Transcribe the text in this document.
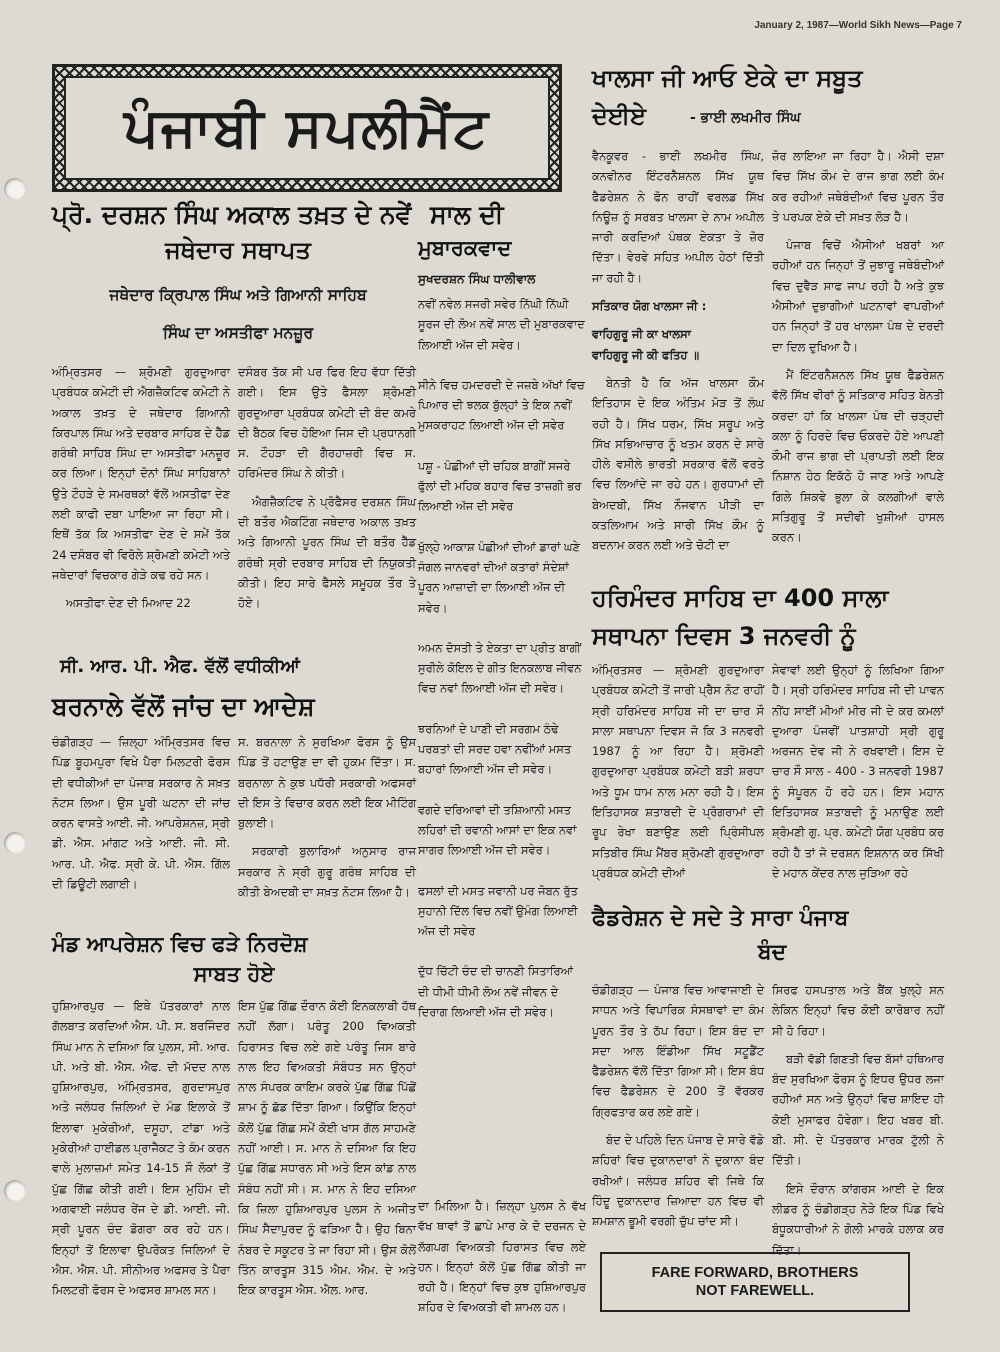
January 2, 1987—World Sikh News—Page 7
ਪੰਜਾਬੀ ਸਪਲੀਮੈਂਟ
ਪ੍ਰੋ. ਦਰਸ਼ਨ ਸਿੰਘ ਅਕਾਲ ਤਖ਼ਤ ਦੇ ਨਵੇਂ
ਜਥੇਦਾਰ ਸਥਾਪਤ
ਜਥੇਦਾਰ ਕ੍ਰਿਪਾਲ ਸਿੰਘ ਅਤੇ ਗਿਆਨੀ ਸਾਹਿਬ
ਸਿੰਘ ਦਾ ਅਸਤੀਫਾ ਮਨਜ਼ੂਰ

ਅੰਮ੍ਰਿਤਸਰ — ਸ਼੍ਰੋਮਣੀ ਗੁਰਦੁਆਰਾ ਪ੍ਰਬੰਧਕ ਕਮੇਟੀ ਦੀ ਐਗਜ਼ੈਕਟਿਵ ਕਮੇਟੀ ਨੇ ਅਕਾਲ ਤਖ਼ਤ ਦੇ ਜਥੇਦਾਰ ਗਿਆਨੀ ਕਿਰਪਾਲ ਸਿੰਘ ਅਤੇ ਦਰਬਾਰ ਸਾਹਿਬ ਦੇ ਹੈੱਡ ਗਰੰਥੀ ਸਾਹਿਬ ਸਿੰਘ ਦਾ ਅਸਤੀਫਾ ਮਨਜ਼ੂਰ ਕਰ ਲਿਆ। ਇਨ੍ਹਾਂ ਦੋਨਾਂ ਸਿੰਘ ਸਾਹਿਬਾਨਾਂ ਉਤੇ ਟੌਹੜੇ ਦੇ ਸਮਰਥਕਾਂ ਵੱਲੋਂ ਅਸਤੀਫਾ ਦੇਣ ਲਈ ਕਾਫੀ ਦਬਾ ਪਾਇਆ ਜਾ ਰਿਹਾ ਸੀ। ਇਥੋਂ ਤੱਕ ਕਿ ਅਸਤੀਫਾ ਦੇਣ ਦੇ ਸਮੇਂ ਤੱਕ 24 ਦਸੰਬਰ ਵੀ ਵਿਰੋਲੇ ਸ਼੍ਰੋਮਣੀ ਕਮੇਟੀ ਅਤੇ ਜਥੇਦਾਰਾਂ ਵਿਚਕਾਰ ਗੇੜੇ ਕਢ ਰਹੇ ਸਨ।

ਅਸਤੀਫਾ ਦੇਣ ਦੀ ਮਿਆਦ 22

ਦਸੰਬਰ ਤੱਕ ਸੀ ਪਰ ਫਿਰ ਇਹ ਵੱਧਾ ਦਿੱਤੀ ਗਈ। ਇਸ ਉਤੇ ਫੈਸਲਾ ਸ਼੍ਰੋਮਣੀ ਗੁਰਦੁਆਰਾ ਪ੍ਰਬੰਧਕ ਕਮੇਟੀ ਦੀ ਬੰਦ ਕਮਰੇ ਦੀ ਬੈਠਕ ਵਿਚ ਹੋਇਆ ਜਿਸ ਦੀ ਪ੍ਰਧਾਨਗੀ ਸ. ਟੌਹੜਾ ਦੀ ਗੈਰਹਾਜ਼ਰੀ ਵਿਚ ਸ. ਹਰਿਮੰਦਰ ਸਿੰਘ ਨੇ ਕੀਤੀ।

ਐਗਜ਼ੈਕਟਿਵ ਨੇ ਪ੍ਰੋਫੈਸਰ ਦਰਸ਼ਨ ਸਿੰਘ ਦੀ ਬਤੌਰ ਐਕਟਿੰਗ ਜਥੇਦਾਰ ਅਕਾਲ ਤਖ਼ਤ ਅਤੇ ਗਿਆਨੀ ਪੂਰਨ ਸਿੰਘ ਦੀ ਬਤੌਰ ਹੈੱਡ ਗਰੰਥੀ ਸ੍ਰੀ ਦਰਬਾਰ ਸਾਹਿਬ ਦੀ ਨਿਯੁਕਤੀ ਕੀਤੀ। ਇਹ ਸਾਰੇ ਫੈਸਲੇ ਸਮੂਹਕ ਤੌਰ ਤੇ ਹੋਏ।

ਸਾਲ ਦੀ
ਮੁਬਾਰਕਵਾਦ
ਸੁਖਦਰਸ਼ਨ ਸਿੰਘ ਧਾਲੀਵਾਲ

ਨਵੀਂ ਨਵੇਲ ਸਜਰੀ ਸਵੇਰ ਨਿੱਘੀ ਨਿੱਘੀ ਸੂਰਜ ਦੀ ਲੋਅ ਨਵੇਂ ਸਾਲ ਦੀ ਮੁਬਾਰਕਵਾਦ ਲਿਆਈ ਅੱਜ ਦੀ ਸਵੇਰ।

ਸੀਨੇ ਵਿਚ ਹਮਦਰਦੀ ਦੇ ਜਜ਼ਬੇ ਅੱਖਾਂ ਵਿਚ ਪਿਆਰ ਦੀ ਝਲਕ ਬੁੱਲ੍ਹਾਂ ਤੇ ਇਕ ਨਵੀਂ ਮੁਸਕਰਾਹਟ ਲਿਆਈ ਅੱਜ ਦੀ ਸਵੇਰ

ਪਸ਼ੂ - ਪੰਛੀਆਂ ਦੀ ਚਹਿਕ ਬਾਗੀਂ ਸਜਰੇ ਫੁੱਲਾਂ ਦੀ ਮਹਿਕ ਬਹਾਰ ਵਿਚ ਤਾਜ਼ਗੀ ਭਰ ਲਿਆਈ ਅੱਜ ਦੀ ਸਵੇਰ

ਖੁੱਲ੍ਹੇ ਆਕਾਸ਼ ਪੰਛੀਆਂ ਦੀਆਂ ਡਾਰਾਂ ਘਣੇ ਜੰਗਲ ਜਾਨਵਰਾਂ ਦੀਆਂ ਕਤਾਰਾਂ ਸੰਦੇਸ਼ਾਂ ਪੂਰਨ ਆਜ਼ਾਦੀ ਦਾ ਲਿਆਈ ਅੱਜ ਦੀ ਸਵੇਰ।

ਅਮਨ ਦੋਸਤੀ ਤੇ ਏਕਤਾ ਦਾ ਪ੍ਰੀਤ ਬਾਗੀਂ ਸੁਰੀਲੇ ਕੋਇਲ ਦੇ ਗੀਤ ਇਨਕਲਾਬ ਜੀਵਨ ਵਿਚ ਨਵਾਂ ਲਿਆਈ ਅੱਜ ਦੀ ਸਵੇਰ।

ਝਰਨਿਆਂ ਦੇ ਪਾਣੀ ਦੀ ਸਰਗਮ ਠੰਢੇ ਪਰਬਤਾਂ ਦੀ ਸਰਦ ਹਵਾ ਨਵੀਂਆਂ ਮਸਤ ਬਹਾਰਾਂ ਲਿਆਈ ਅੱਜ ਦੀ ਸਵੇਰ।

ਵਗਦੇ ਦਰਿਆਵਾਂ ਦੀ ਤਸ਼ਿਆਨੀ ਮਸਤ ਲਹਿਰਾਂ ਦੀ ਰਵਾਨੀ ਆਸਾਂ ਦਾ ਇਕ ਨਵਾਂ ਸਾਗਰ ਲਿਆਈ ਅੱਜ ਦੀ ਸਵੇਰ।

ਫਸਲਾਂ ਦੀ ਮਸਤ ਜਵਾਨੀ ਪਰ ਜੋਬਨ ਰੁੱਤ ਸੁਹਾਨੀ ਦਿੱਲ ਵਿਚ ਨਵੀਂ ਉਮੰਗ ਲਿਆਈ ਅੱਜ ਦੀ ਸਵੇਰ

ਦੁੱਧ ਚਿੱਟੀ ਚੰਦ ਦੀ ਚਾਨਣੀ ਸਿਤਾਰਿਆਂ ਦੀ ਧੀਮੀ ਧੀਮੀ ਲੋਅ ਨਵੇਂ ਜੀਵਨ ਦੇ ਦਿਰਾਗ ਲਿਆਈ ਅੱਜ ਦੀ ਸਵੇਰ।

ਸੀ. ਆਰ. ਪੀ. ਐਫ. ਵੱਲੋਂ ਵਧੀਕੀਆਂ
ਬਰਨਾਲੇ ਵੱਲੋਂ ਜਾਂਚ ਦਾ ਆਦੇਸ਼

ਚੰਡੀਗੜ੍ਹ — ਜ਼ਿਲ੍ਹਾ ਅੰਮ੍ਰਿਤਸਰ ਵਿਚ ਪਿੰਡ ਬੂਹਮਪੁਰਾ ਵਿਖੇ ਪੈਰਾ ਮਿਲਟਰੀ ਫੋਰਸ ਦੀ ਵਧੀਕੀਆਂ ਦਾ ਪੰਜਾਬ ਸਰਕਾਰ ਨੇ ਸਖ਼ਤ ਨੋਟਸ ਲਿਆ। ਉਸ ਪੂਰੀ ਘਟਨਾ ਦੀ ਜਾਂਚ ਕਰਨ ਵਾਸਤੇ ਆਈ. ਜੀ. ਆਪਰੇਸ਼ਨਜ਼, ਸ੍ਰੀ ਡੀ. ਐਸ. ਮਾਂਗਟ ਅਤੇ ਆਈ. ਜੀ. ਸੀ. ਆਰ. ਪੀ. ਐਫ. ਸ੍ਰੀ ਕੇ. ਪੀ. ਐਸ. ਗਿੱਲ ਦੀ ਡਿਊਟੀ ਲਗਾਈ।

ਸ. ਬਰਨਾਲਾ ਨੇ ਸੁਰਖਿਆ ਫੋਰਸ ਨੂੰ ਉਸ ਪਿੰਡ ਤੋਂ ਹਟਾਉਣ ਦਾ ਵੀ ਹੁਕਮ ਦਿੱਤਾ। ਸ. ਬਰਨਾਲਾ ਨੇ ਕੁਝ ਪਧੱਰੀ ਸਰਕਾਰੀ ਅਫਸਰਾਂ ਦੀ ਇਸ ਤੇ ਵਿਚਾਰ ਕਰਨ ਲਈ ਇਕ ਮੀਟਿੰਗ ਬੁਲਾਈ।

ਸਰਕਾਰੀ ਬੁਲਾਰਿਆਂ ਅਨੁਸਾਰ ਰਾਜ ਸਰਕਾਰ ਨੇ ਸ੍ਰੀ ਗੁਰੂ ਗਰੰਥ ਸਾਹਿਬ ਦੀ ਕੀਤੀ ਬੇਅਦਬੀ ਦਾ ਸਖ਼ਤ ਨੋਟਸ ਲਿਆ ਹੈ।

ਮੰਡ ਆਪਰੇਸ਼ਨ ਵਿਚ ਫੜੇ ਨਿਰਦੋਸ਼
ਸਾਬਤ ਹੋਏ

ਹੁਸ਼ਿਆਰਪੁਰ — ਇਥੇ ਪੱਤਰਕਾਰਾਂ ਨਾਲ ਗੱਲਬਾਤ ਕਰਦਿਆਂ ਐਸ. ਪੀ. ਸ. ਬਰਜਿੰਦਰ ਸਿੰਘ ਮਾਨ ਨੇ ਦਸਿਆ ਕਿ ਪੁਲਸ, ਸੀ. ਆਰ. ਪੀ. ਅਤੇ ਬੀ. ਐਸ. ਐਫ. ਦੀ ਮੱਦਦ ਨਾਲ ਹੁਸ਼ਿਆਰਪੁਰ, ਅੰਮ੍ਰਿਤਸਰ, ਗੁਰਦਾਸਪੁਰ ਅਤੇ ਜਲੰਧਰ ਜ਼ਿਲਿਆਂ ਦੇ ਮੰਡ ਇਲਾਕੇ ਤੋਂ ਇਲਾਵਾ ਮੁਕੇਰੀਆਂ, ਦਸੂਹਾ, ਟਾਂਡਾ ਅਤੇ ਮੁਕੇਰੀਆਂ ਹਾਈਡਲ ਪ੍ਰਾਜੈਕਟ ਤੇ ਕੰਮ ਕਰਨ ਵਾਲੇ ਮੁਲਾਜ਼ਮਾਂ ਸਮੇਤ 14-15 ਸੌ ਲੋਕਾਂ ਤੋਂ ਪੁੱਛ ਗਿੱਛ ਕੀਤੀ ਗਈ। ਇਸ ਮੁਹਿੰਮ ਦੀ ਅਗਵਾਈ ਜਲੰਧਰ ਰੇਂਜ ਦੇ ਡੀ. ਆਈ. ਜੀ. ਸ੍ਰੀ ਪੂਰਨ ਚੰਦ ਡੋਗਰਾ ਕਰ ਰਹੇ ਹਨ। ਇਨ੍ਹਾਂ ਤੋਂ ਇਲਾਵਾ ਉਪਰੋਕਤ ਜਿਲਿਆਂ ਦੇ ਐਸ. ਐਸ. ਪੀ. ਸੀਨੀਅਰ ਅਫਸਰ ਤੇ ਪੈਰਾ ਮਿਲਟਰੀ ਫੋਰਸ ਦੇ ਅਫਸਰ ਸ਼ਾਮਲ ਸਨ।

ਇਸ ਪੁੱਛ ਗਿੱਛ ਦੌਰਾਨ ਕੋਈ ਇਨਕਲਾਬੀ ਹੱਥ ਨਹੀਂ ਲੱਗਾ। ਪਰੰਤੂ 200 ਵਿਅਕਤੀ ਹਿਰਾਸਤ ਵਿਚ ਲਏ ਗਏ ਪਰੰਤੂ ਜਿਸ ਬਾਰੇ ਨਾਲ ਇਹ ਵਿਅਕਤੀ ਸੰਬੰਧਤ ਸਨ ਉਨ੍ਹਾਂ ਨਾਲ ਸੰਪਰਕ ਕਾਇਮ ਕਰਕੇ ਪੁੱਛ ਗਿੱਛ ਪਿੱਛੋਂ ਸ਼ਾਮ ਨੂੰ ਛੱਡ ਦਿੱਤਾ ਗਿਆ। ਕਿਉਂਕਿ ਇਨ੍ਹਾਂ ਕੋਲੋਂ ਪੁੱਛ ਗਿੱਛ ਸਮੇਂ ਕੋਈ ਖਾਸ ਗੱਲ ਸਾਹਮਣੇ ਨਹੀਂ ਆਈ। ਸ. ਮਾਨ ਨੇ ਦਸਿਆ ਕਿ ਇਹ ਪੁੱਛ ਗਿੱਛ ਸਧਾਰਨ ਸੀ ਅਤੇ ਇਸ ਕਾਂਡ ਨਾਲ ਸੰਬੰਧ ਨਹੀਂ ਸੀ। ਸ. ਮਾਨ ਨੇ ਇਹ ਦਸਿਆ ਕਿ ਜ਼ਿਲਾ ਹੁਸ਼ਿਆਰਪੁਰ ਪੁਲਸ ਨੇ ਅਜੀਤ ਸਿੰਘ ਸੈਦਾਪੁਰਦ ਨੂੰ ਫੜਿਆ ਹੈ। ਉਹ ਬਿਨਾ ਨੰਬਰ ਦੇ ਸਕੂਟਰ ਤੇ ਜਾ ਰਿਹਾ ਸੀ। ਉਸ ਕੋਲੋਂ ਤਿੰਨ ਕਾਰਤੂਸ 315 ਐਮ. ਐਮ. ਦੇ ਅਤੇ ਇਕ ਕਾਰਤੂਸ ਐਸ. ਐਲ. ਆਰ.

ਦਾ ਮਿਲਿਆ ਹੈ। ਜ਼ਿਲ੍ਹਾ ਪੁਲਸ ਨੇ ਵੱਖ ਵੱਖ ਥਾਵਾਂ ਤੋਂ ਛਾਪੇ ਮਾਰ ਕੇ ਦੋ ਦਰਜਨ ਦੇ ਲੱਗਪਗ ਵਿਅਕਤੀ ਹਿਰਾਸਤ ਵਿਚ ਲਏ ਹਨ। ਇਨ੍ਹਾਂ ਕੋਲੋਂ ਪੁੱਛ ਗਿੱਛ ਕੀਤੀ ਜਾ ਰਹੀ ਹੈ। ਇਨ੍ਹਾਂ ਵਿਚ ਕੁਝ ਹੁਸ਼ਿਆਰਪੁਰ ਸ਼ਹਿਰ ਦੇ ਵਿਅਕਤੀ ਵੀ ਸ਼ਾਮਲ ਹਨ।

ਖਾਲਸਾ ਜੀ ਆਓ ਏਕੇ ਦਾ ਸਬੂਤ
ਦੇਈਏ	- ਭਾਈ ਲਖਮੀਰ ਸਿੰਘ

ਵੈਨਕੂਵਰ - ਭਾਈ ਲਖਮੀਰ ਸਿੰਘ, ਕਨਵੀਨਰ ਇੰਟਰਨੈਸ਼ਨਲ ਸਿੱਖ ਯੂਥ ਫੈਡਰੇਸ਼ਨ ਨੇ ਫੋਨ ਰਾਹੀਂ ਵਰਲਡ ਸਿੱਖ ਨਿਊਜ਼ ਨੂੰ ਸਰਬਤ ਖਾਲਸਾ ਦੇ ਨਾਮ ਅਪੀਲ ਜਾਰੀ ਕਰਦਿਆਂ ਪੰਥਕ ਏਕਤਾ ਤੇ ਜ਼ੋਰ ਦਿੱਤਾ। ਵੇਰਵੇ ਸਹਿਤ ਅਪੀਲ ਹੇਠਾਂ ਦਿੱਤੀ ਜਾ ਰਹੀ ਹੈ।

ਸਤਿਕਾਰ ਯੋਗ ਖਾਲਸਾ ਜੀ :

ਵਾਹਿਗੁਰੂ ਜੀ ਕਾ ਖਾਲਸਾ

ਵਾਹਿਗੁਰੂ ਜੀ ਕੀ ਫਤਿਹ ॥

ਬੇਨਤੀ ਹੈ ਕਿ ਅੱਜ ਖਾਲਸਾ ਕੌਮ ਇਤਿਹਾਸ ਦੇ ਇਕ ਅੰਤਿਮ ਮੋੜ ਤੋਂ ਲੰਘ ਰਹੀ ਹੈ। ਸਿੱਖ ਧਰਮ, ਸਿੱਖ ਸਰੂਪ ਅਤੇ ਸਿੱਖ ਸਭਿਆਚਾਰ ਨੂੰ ਖਤਮ ਕਰਨ ਦੇ ਸਾਰੇ ਹੀਲੇ ਵਸੀਲੇ ਭਾਰਤੀ ਸਰਕਾਰ ਵੱਲੋਂ ਵਰਤੇ ਵਿਚ ਲਿਆਂਦੇ ਜਾ ਰਹੇ ਹਨ। ਗੁਰਧਾਮਾਂ ਦੀ ਬੇਅਦਬੀ, ਸਿੱਖ ਨੌਜਵਾਨ ਪੀੜੀ ਦਾ ਕਤਲਿਆਮ ਅਤੇ ਸਾਰੀ ਸਿੱਖ ਕੌਮ ਨੂੰ ਬਦਨਾਮ ਕਰਨ ਲਈ ਅਤੇ ਚੋਟੀ ਦਾ

ਜ਼ੋਰ ਲਾਇਆ ਜਾ ਰਿਹਾ ਹੈ। ਐਸੀ ਦਸ਼ਾ ਵਿਚ ਸਿੱਖ ਕੌਮ ਦੇ ਰਾਜ ਭਾਗ ਲਈ ਕੰਮ ਕਰ ਰਹੀਆਂ ਜਥੇਬੰਦੀਆਂ ਵਿਚ ਪੂਰਨ ਤੌਰ ਤੇ ਪਰਪਕ ਏਕੇ ਦੀ ਸਖ਼ਤ ਲੋੜ ਹੈ।

ਪੰਜਾਬ ਵਿਚੋਂ ਐਸੀਆਂ ਖਬਰਾਂ ਆ ਰਹੀਆਂ ਹਨ ਜਿਨ੍ਹਾਂ ਤੋਂ ਜੁਝਾਰੂ ਜਥੇਬੰਦੀਆਂ ਵਿਚ ਦੁਵੈੜ ਸਾਫ ਜਾਪ ਰਹੀ ਹੈ ਅਤੇ ਕੁਝ ਐਸੀਆਂ ਦੁਭਾਗੀਆਂ ਘਟਨਾਵਾਂ ਵਾਪਰੀਆਂ ਹਨ ਜਿਨ੍ਹਾਂ ਤੋਂ ਹਰ ਖਾਲਸਾ ਪੰਥ ਦੇ ਦਰਦੀ ਦਾ ਦਿਲ ਦੁਖਿਆ ਹੈ।

ਮੈਂ ਇੰਟਰਨੈਸ਼ਨਲ ਸਿੱਖ ਯੂਥ ਫੈਡਰੇਸ਼ਨ ਵੱਲੋਂ ਸਿੱਖ ਵੀਰਾਂ ਨੂੰ ਸਤਿਕਾਰ ਸਹਿਤ ਬੇਨਤੀ ਕਰਦਾ ਹਾਂ ਕਿ ਖਾਲਸਾ ਪੰਥ ਦੀ ਚੜ੍ਹਦੀ ਕਲਾ ਨੂੰ ਹਿਰਦੇ ਵਿਚ ਓਕਰਦੇ ਹੋਏ ਆਪਣੀ ਕੌਮੀ ਰਾਜ ਭਾਗ ਦੀ ਪ੍ਰਾਪਤੀ ਲਈ ਇਕ ਨਿਸ਼ਾਨ ਹੇਠ ਇਕੱਠੇ ਹੋ ਜਾਣ ਅਤੇ ਆਪਣੇ ਗਿਲੇ ਸ਼ਿਕਵੇ ਭੁਲਾ ਕੇ ਕਲਗੀਆਂ ਵਾਲੇ ਸਤਿਗੁਰੂ ਤੋਂ ਸਦੀਵੀ ਖੁਸ਼ੀਆਂ ਹਾਸਲ ਕਰਨ।

ਹਰਿਮੰਦਰ ਸਾਹਿਬ ਦਾ 400 ਸਾਲਾ
ਸਥਾਪਨਾ ਦਿਵਸ 3 ਜਨਵਰੀ ਨੂੰ

ਅੰਮ੍ਰਿਤਸਰ — ਸ਼੍ਰੋਮਣੀ ਗੁਰਦੁਆਰਾ ਪ੍ਰਬੰਧਕ ਕਮੇਟੀ ਤੋਂ ਜਾਰੀ ਪ੍ਰੈਸ ਨੋਟ ਰਾਹੀਂ ਸ੍ਰੀ ਹਰਿਮੰਦਰ ਸਾਹਿਬ ਜੀ ਦਾ ਚਾਰ ਸੌ ਸਾਲਾ ਸਥਾਪਨਾ ਦਿਵਸ ਜੋ ਕਿ 3 ਜਨਵਰੀ 1987 ਨੂੰ ਆ ਰਿਹਾ ਹੈ। ਸ਼੍ਰੋਮਣੀ ਗੁਰਦੁਆਰਾ ਪ੍ਰਬੰਧਕ ਕਮੇਟੀ ਬੜੀ ਸ਼ਰਧਾ ਅਤੇ ਧੂਮ ਧਾਮ ਨਾਲ ਮਨਾ ਰਹੀ ਹੈ। ਇਸ ਇਤਿਹਾਸਕ ਸ਼ਤਾਬਦੀ ਦੇ ਪ੍ਰੋਗਰਾਮਾਂ ਦੀ ਰੂਪ ਰੇਖਾ ਬਣਾਉਣ ਲਈ ਪ੍ਰਿੰਸੀਪਲ ਸਤਿਬੀਰ ਸਿੰਘ ਮੈਂਬਰ ਸ਼੍ਰੋਮਣੀ ਗੁਰਦੁਆਰਾ ਪ੍ਰਬੰਧਕ ਕਮੇਟੀ ਦੀਆਂ

ਸੇਵਾਵਾਂ ਲਈ ਉਨ੍ਹਾਂ ਨੂੰ ਲਿਖਿਆ ਗਿਆ ਹੈ। ਸ੍ਰੀ ਹਰਿਮੰਦਰ ਸਾਹਿਬ ਜੀ ਦੀ ਪਾਵਨ ਨੀਂਹ ਸਾਈਂ ਮੀਆਂ ਮੀਰ ਜੀ ਦੇ ਕਰ ਕਮਲਾਂ ਦੁਆਰਾ ਪੰਜਵੀਂ ਪਾਤਸ਼ਾਹੀ ਸ੍ਰੀ ਗੁਰੂ ਅਰਜਨ ਦੇਵ ਜੀ ਨੇ ਰਖਵਾਈ। ਇਸ ਦੇ ਚਾਰ ਸੌ ਸਾਲ - 400 - 3 ਜਨਵਰੀ 1987 ਨੂੰ ਸੰਪੂਰਨ ਹੋ ਰਹੇ ਹਨ। ਇਸ ਮਹਾਨ ਇਤਿਹਾਸਕ ਸ਼ਤਾਬਦੀ ਨੂੰ ਮਨਾਉਣ ਲਈ ਸ਼੍ਰੋਮਣੀ ਗੁ. ਪ੍ਰ. ਕਮੇਟੀ ਯੋਗ ਪ੍ਰਬੰਧ ਕਰ ਰਹੀ ਹੈ ਤਾਂ ਜੋ ਦਰਸ਼ਨ ਇਸ਼ਨਾਨ ਕਰ ਸਿੱਖੀ ਦੇ ਮਹਾਨ ਕੇਂਦਰ ਨਾਲ ਜੁੜਿਆ ਰਹੇ

ਫੈਡਰੇਸ਼ਨ ਦੇ ਸਦੇ ਤੇ ਸਾਰਾ ਪੰਜਾਬ
ਬੰਦ

ਚੰਡੀਗੜ੍ਹ — ਪੰਜਾਬ ਵਿਚ ਆਵਾਜਾਈ ਦੇ ਸਾਧਨ ਅਤੇ ਵਿਪਾਰਿਕ ਸੰਸਥਾਵਾਂ ਦਾ ਕੰਮ ਪੂਰਨ ਤੌਰ ਤੇ ਠੱਪ ਰਿਹਾ। ਇਸ ਬੰਦ ਦਾ ਸਦਾ ਆਲ ਇੰਡੀਆ ਸਿੱਖ ਸਟੂਡੈਂਟ ਫੈਡਰੇਸ਼ਨ ਵੱਲੋਂ ਦਿੱਤਾ ਗਿਆ ਸੀ। ਇਸ ਬੰਧ ਵਿਚ ਫੈਡਰੇਸ਼ਨ ਦੇ 200 ਤੋਂ ਵੱਰਕਰ ਗ੍ਰਿਫਤਾਰ ਕਰ ਲਏ ਗਏ।

ਬੰਦ ਦੇ ਪਹਿਲੇ ਦਿਨ ਪੰਜਾਬ ਦੇ ਸਾਰੇ ਵੱਡੇ ਸ਼ਹਿਰਾਂ ਵਿਚ ਦੁਕਾਨਦਾਰਾਂ ਨੇ ਦੁਕਾਨਾ ਬੰਦ ਰਖੀਆਂ। ਜਲੰਧਰ ਸ਼ਹਿਰ ਵੀ ਜਿਥੇ ਕਿ ਹਿੰਦੂ ਦੁਕਾਨਦਾਰ ਜ਼ਿਆਦਾ ਹਨ ਵਿਚ ਵੀ ਸ਼ਮਸ਼ਾਨ ਭੂਮੀ ਵਰਗੀ ਚੁੱਪ ਚਾਂਦ ਸੀ।

ਸਿਰਫ ਹਸਪਤਾਲ ਅਤੇ ਬੈਂਕ ਖੁਲ੍ਹੇ ਸਨ ਲੇਕਿਨ ਇਨ੍ਹਾਂ ਵਿਚ ਕੋਈ ਕਾਰੋਬਾਰ ਨਹੀਂ ਸੀ ਹੋ ਰਿਹਾ।

ਬੜੀ ਵੱਡੀ ਗਿਣਤੀ ਵਿਚ ਬੱਸਾਂ ਹਥਿਆਰ ਬੰਦ ਸੁਰਖਿਆ ਫੋਰਸ ਨੂੰ ਇਧਰ ਉਧਰ ਲਜਾ ਰਹੀਆਂ ਸਨ ਅਤੇ ਉਨ੍ਹਾਂ ਵਿਚ ਸ਼ਾਇਦ ਹੀ ਕੋਈ ਮੁਸਾਫਰ ਹੋਵੇਗਾ। ਇਹ ਖਬਰ ਬੀ. ਬੀ. ਸੀ. ਦੇ ਪੱਤਰਕਾਰ ਮਾਰਕ ਟੁੱਲੀ ਨੇ ਦਿੱਤੀ।

ਇਸੇ ਦੌਰਾਨ ਕਾਂਗਰਸ ਆਈ ਦੇ ਇਕ ਲੀਡਰ ਨੂੰ ਚੰਡੀਗੜ੍ਹ ਨੇੜੇ ਇਕ ਪਿੰਡ ਵਿਖੇ ਬੰਧੂਕਧਾਰੀਆਂ ਨੇ ਗੋਲੀ ਮਾਰਕੇ ਹਲਾਕ ਕਰ ਦਿੱਤਾ।

FARE FORWARD, BROTHERS
NOT FAREWELL.
